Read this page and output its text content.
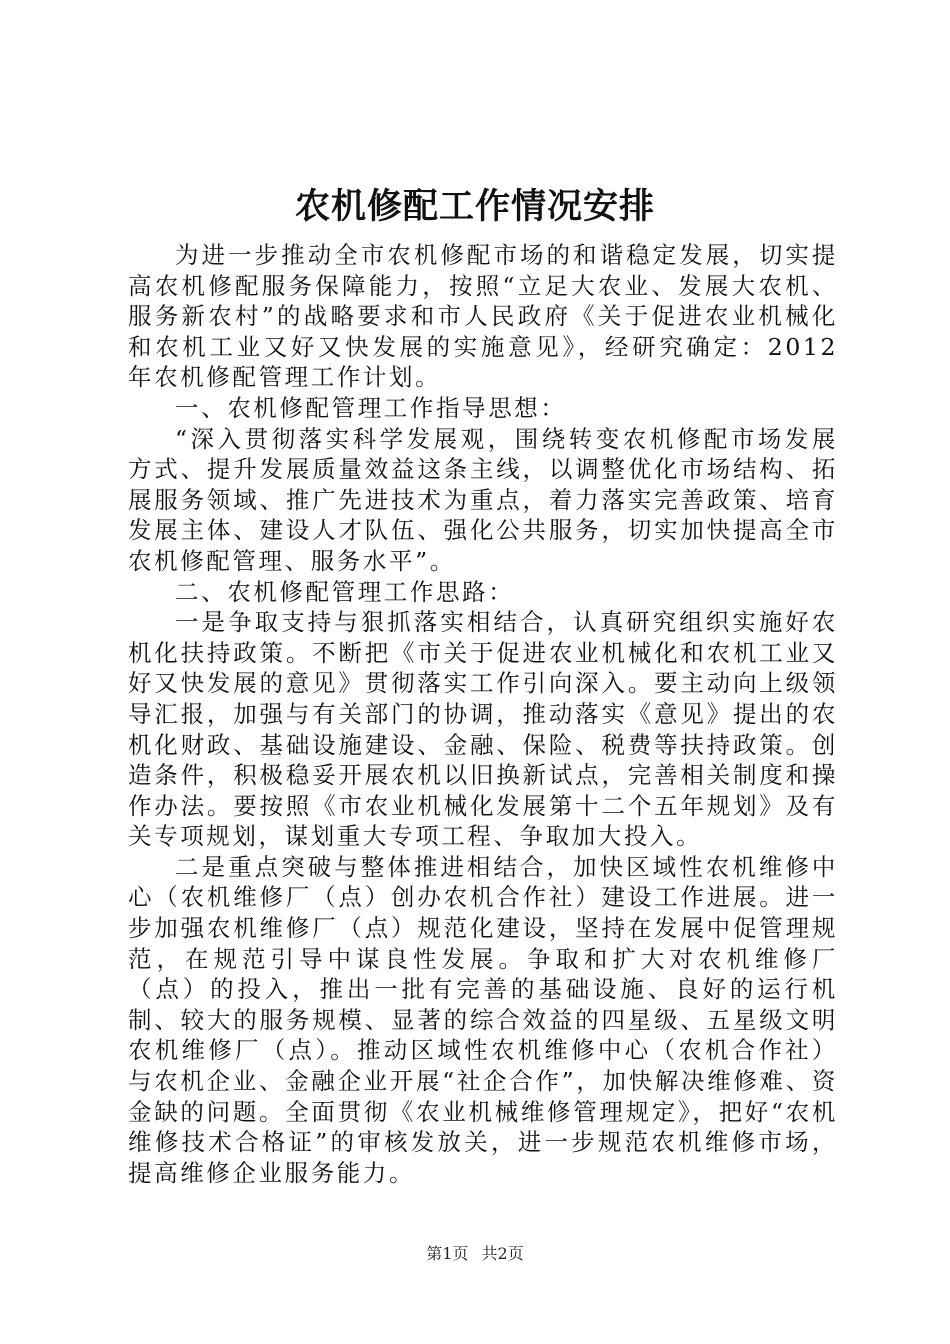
农机修配工作情况安排

为进一步推动全市农机修配市场的和谐稳定发展，切实提高农机修配服务保障能力，按照“立足大农业、发展大农机、服务新农村”的战略要求和市人民政府《关于促进农业机械化和农机工业又好又快发展的实施意见》，经研究确定：2012年农机修配管理工作计划。

一、农机修配管理工作指导思想：

“深入贯彻落实科学发展观，围绕转变农机修配市场发展方式、提升发展质量效益这条主线，以调整优化市场结构、拓展服务领域、推广先进技术为重点，着力落实完善政策、培育发展主体、建设人才队伍、强化公共服务，切实加快提高全市农机修配管理、服务水平”。

二、农机修配管理工作思路：

一是争取支持与狠抓落实相结合，认真研究组织实施好农机化扶持政策。不断把《市关于促进农业机械化和农机工业又好又快发展的意见》贯彻落实工作引向深入。要主动向上级领导汇报，加强与有关部门的协调，推动落实《意见》提出的农机化财政、基础设施建设、金融、保险、税费等扶持政策。创造条件，积极稳妥开展农机以旧换新试点，完善相关制度和操作办法。要按照《市农业机械化发展第十二个五年规划》及有关专项规划，谋划重大专项工程、争取加大投入。

二是重点突破与整体推进相结合，加快区域性农机维修中心（农机维修厂（点）创办农机合作社）建设工作进展。进一步加强农机维修厂（点）规范化建设，坚持在发展中促管理规范，在规范引导中谋良性发展。争取和扩大对农机维修厂（点）的投入，推出一批有完善的基础设施、良好的运行机制、较大的服务规模、显著的综合效益的四星级、五星级文明农机维修厂（点）。推动区域性农机维修中心（农机合作社）与农机企业、金融企业开展“社企合作”，加快解决维修难、资金缺的问题。全面贯彻《农业机械维修管理规定》，把好“农机维修技术合格证”的审核发放关，进一步规范农机维修市场，提高维修企业服务能力。

第1页 共2页
